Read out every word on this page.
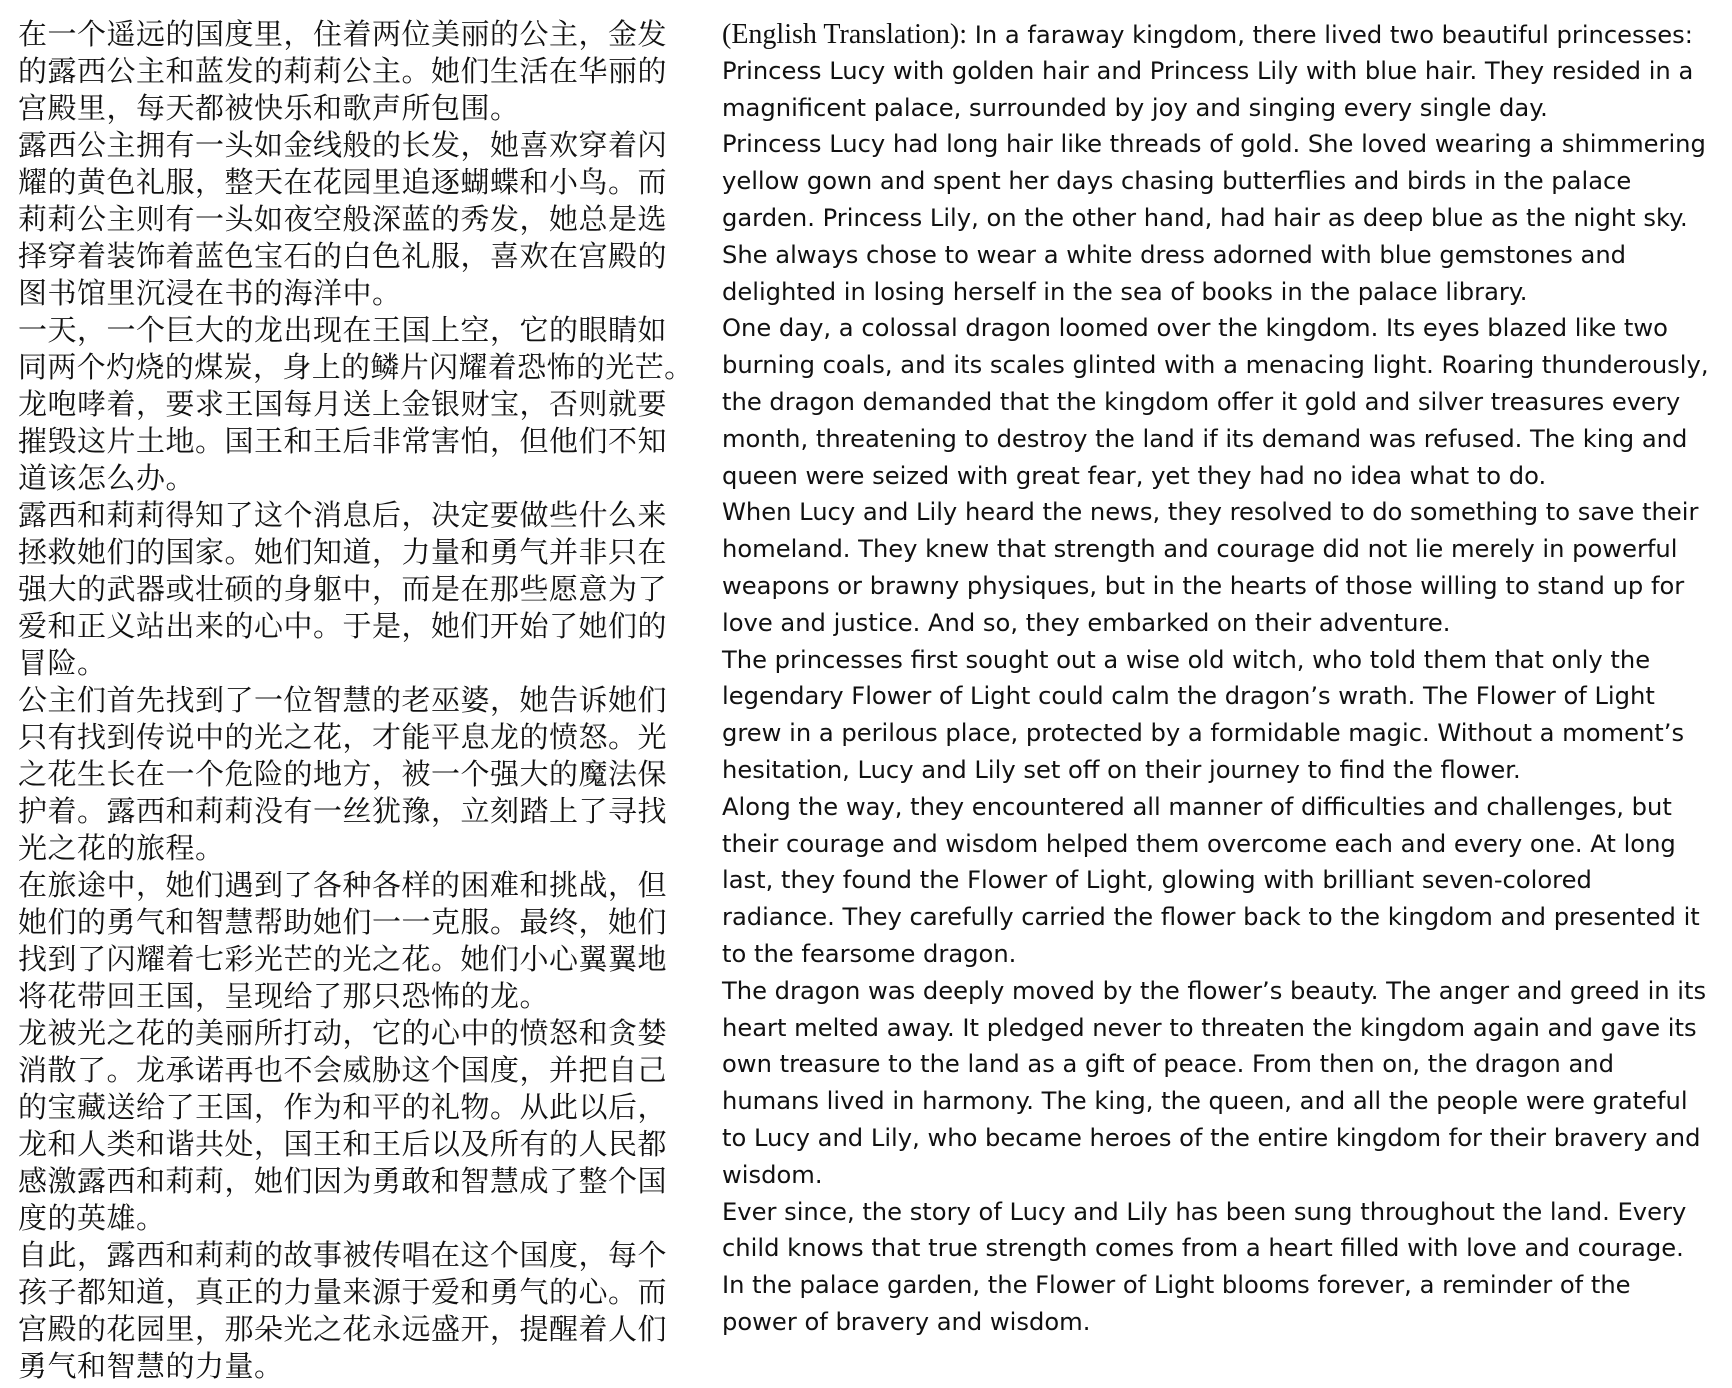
在一个遥远的国度里，住着两位美丽的公主，金发
的露西公主和蓝发的莉莉公主。她们生活在华丽的
宫殿里，每天都被快乐和歌声所包围。
露西公主拥有一头如金线般的长发，她喜欢穿着闪
耀的黄色礼服，整天在花园里追逐蝴蝶和小鸟。而
莉莉公主则有一头如夜空般深蓝的秀发，她总是选
择穿着装饰着蓝色宝石的白色礼服，喜欢在宫殿的
图书馆里沉浸在书的海洋中。
一天，一个巨大的龙出现在王国上空，它的眼睛如
同两个灼烧的煤炭，身上的鳞片闪耀着恐怖的光芒。
龙咆哮着，要求王国每月送上金银财宝，否则就要
摧毁这片土地。国王和王后非常害怕，但他们不知
道该怎么办。
露西和莉莉得知了这个消息后，决定要做些什么来
拯救她们的国家。她们知道，力量和勇气并非只在
强大的武器或壮硕的身躯中，而是在那些愿意为了
爱和正义站出来的心中。于是，她们开始了她们的
冒险。
公主们首先找到了一位智慧的老巫婆，她告诉她们
只有找到传说中的光之花，才能平息龙的愤怒。光
之花生长在一个危险的地方，被一个强大的魔法保
护着。露西和莉莉没有一丝犹豫，立刻踏上了寻找
光之花的旅程。
在旅途中，她们遇到了各种各样的困难和挑战，但
她们的勇气和智慧帮助她们一一克服。最终，她们
找到了闪耀着七彩光芒的光之花。她们小心翼翼地
将花带回王国，呈现给了那只恐怖的龙。
龙被光之花的美丽所打动，它的心中的愤怒和贪婪
消散了。龙承诺再也不会威胁这个国度，并把自己
的宝藏送给了王国，作为和平的礼物。从此以后，
龙和人类和谐共处，国王和王后以及所有的人民都
感激露西和莉莉，她们因为勇敢和智慧成了整个国
度的英雄。
自此，露西和莉莉的故事被传唱在这个国度，每个
孩子都知道，真正的力量来源于爱和勇气的心。而
宫殿的花园里，那朵光之花永远盛开，提醒着人们
勇气和智慧的力量。
(English Translation): In a faraway kingdom, there lived two beautiful princesses:
Princess Lucy with golden hair and Princess Lily with blue hair. They resided in a
magnificent palace, surrounded by joy and singing every single day.
Princess Lucy had long hair like threads of gold. She loved wearing a shimmering
yellow gown and spent her days chasing butterflies and birds in the palace
garden. Princess Lily, on the other hand, had hair as deep blue as the night sky.
She always chose to wear a white dress adorned with blue gemstones and
delighted in losing herself in the sea of books in the palace library.
One day, a colossal dragon loomed over the kingdom. Its eyes blazed like two
burning coals, and its scales glinted with a menacing light. Roaring thunderously,
the dragon demanded that the kingdom offer it gold and silver treasures every
month, threatening to destroy the land if its demand was refused. The king and
queen were seized with great fear, yet they had no idea what to do.
When Lucy and Lily heard the news, they resolved to do something to save their
homeland. They knew that strength and courage did not lie merely in powerful
weapons or brawny physiques, but in the hearts of those willing to stand up for
love and justice. And so, they embarked on their adventure.
The princesses first sought out a wise old witch, who told them that only the
legendary Flower of Light could calm the dragon’s wrath. The Flower of Light
grew in a perilous place, protected by a formidable magic. Without a moment’s
hesitation, Lucy and Lily set off on their journey to find the flower.
Along the way, they encountered all manner of difficulties and challenges, but
their courage and wisdom helped them overcome each and every one. At long
last, they found the Flower of Light, glowing with brilliant seven-colored
radiance. They carefully carried the flower back to the kingdom and presented it
to the fearsome dragon.
The dragon was deeply moved by the flower’s beauty. The anger and greed in its
heart melted away. It pledged never to threaten the kingdom again and gave its
own treasure to the land as a gift of peace. From then on, the dragon and
humans lived in harmony. The king, the queen, and all the people were grateful
to Lucy and Lily, who became heroes of the entire kingdom for their bravery and
wisdom.
Ever since, the story of Lucy and Lily has been sung throughout the land. Every
child knows that true strength comes from a heart filled with love and courage.
In the palace garden, the Flower of Light blooms forever, a reminder of the
power of bravery and wisdom.
